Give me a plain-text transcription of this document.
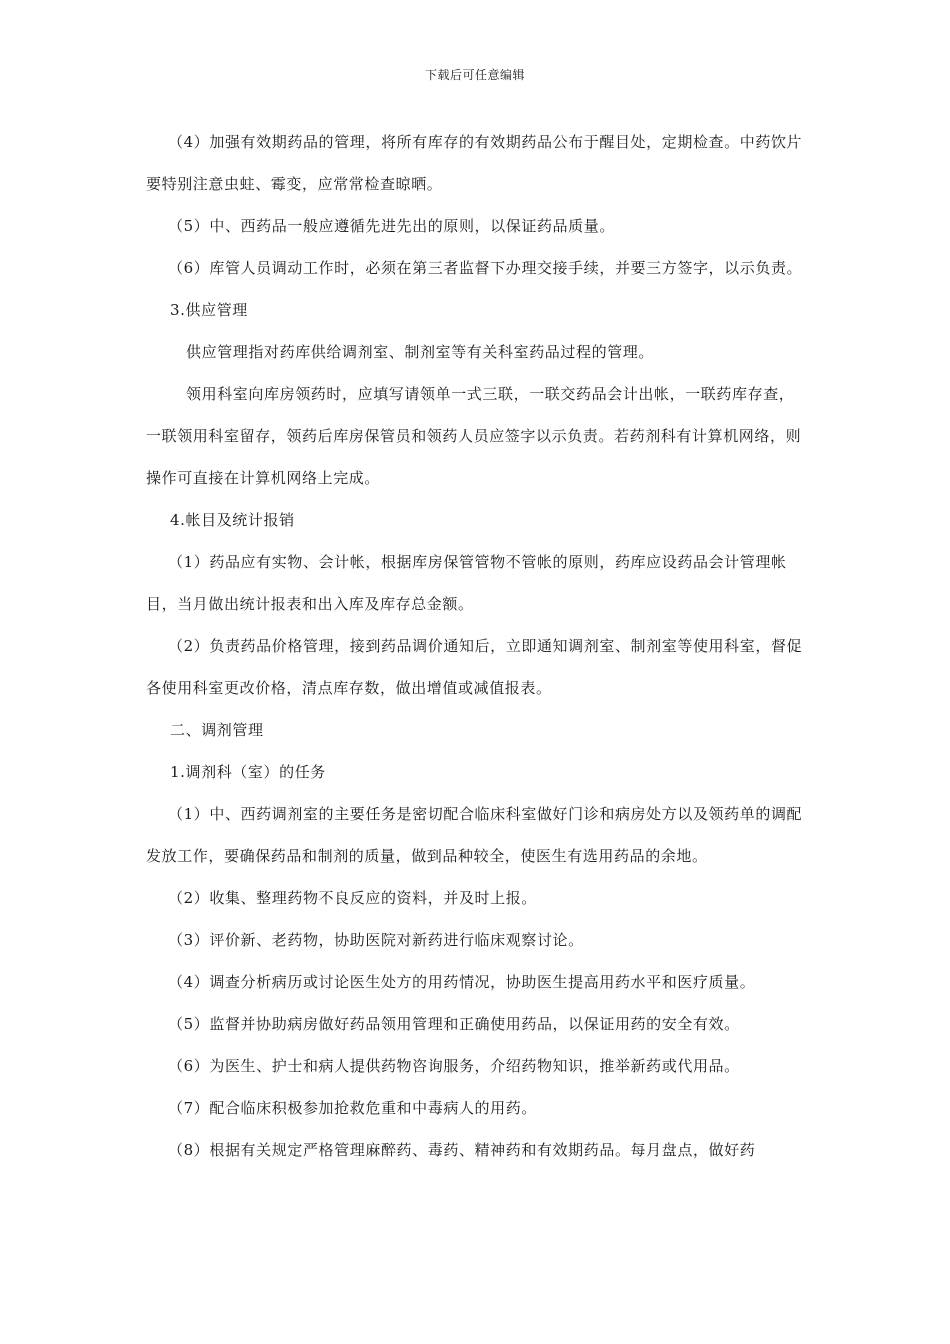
下载后可任意编辑

（4）加强有效期药品的管理，将所有库存的有效期药品公布于醒目处，定期检查。中药饮片要特别注意虫蛀、霉变，应常常检查晾晒。

（5）中、西药品一般应遵循先进先出的原则，以保证药品质量。

（6）库管人员调动工作时，必须在第三者监督下办理交接手续，并要三方签字，以示负责。

3.供应管理

供应管理指对药库供给调剂室、制剂室等有关科室药品过程的管理。

领用科室向库房领药时，应填写请领单一式三联，一联交药品会计出帐，一联药库存查，一联领用科室留存，领药后库房保管员和领药人员应签字以示负责。若药剂科有计算机网络，则操作可直接在计算机网络上完成。

4.帐目及统计报销

（1）药品应有实物、会计帐，根据库房保管管物不管帐的原则，药库应设药品会计管理帐目，当月做出统计报表和出入库及库存总金额。

（2）负责药品价格管理，接到药品调价通知后，立即通知调剂室、制剂室等使用科室，督促各使用科室更改价格，清点库存数，做出增值或减值报表。

二、调剂管理

1.调剂科（室）的任务

（1）中、西药调剂室的主要任务是密切配合临床科室做好门诊和病房处方以及领药单的调配发放工作，要确保药品和制剂的质量，做到品种较全，使医生有选用药品的余地。

（2）收集、整理药物不良反应的资料，并及时上报。

（3）评价新、老药物，协助医院对新药进行临床观察讨论。

（4）调查分析病历或讨论医生处方的用药情况，协助医生提高用药水平和医疗质量。

（5）监督并协助病房做好药品领用管理和正确使用药品，以保证用药的安全有效。

（6）为医生、护士和病人提供药物咨询服务，介绍药物知识，推举新药或代用品。

（7）配合临床积极参加抢救危重和中毒病人的用药。

（8）根据有关规定严格管理麻醉药、毒药、精神药和有效期药品。每月盘点，做好药
